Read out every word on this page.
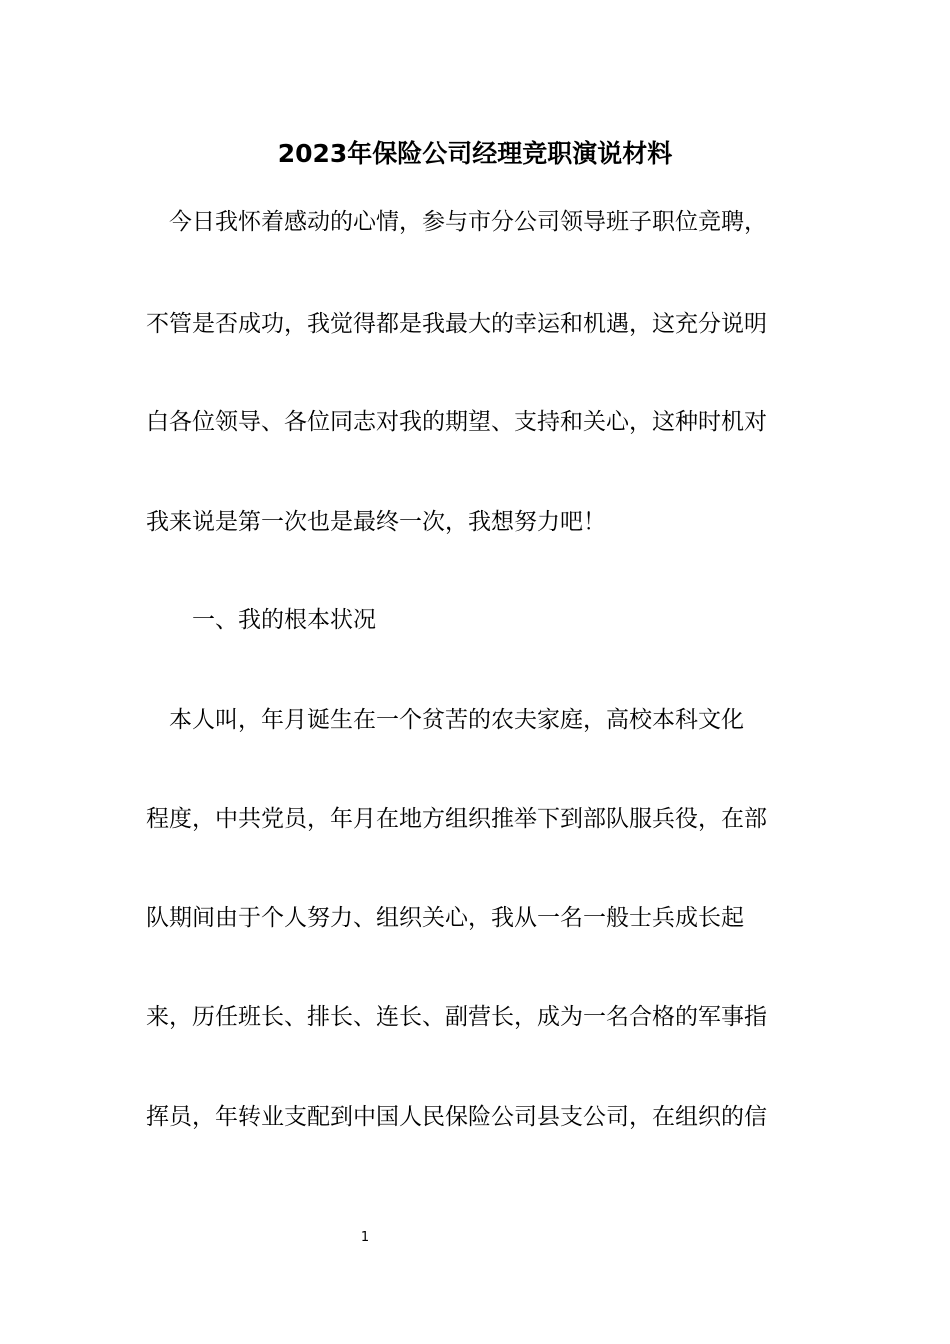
2023年保险公司经理竞职演说材料

　今日我怀着感动的心情，参与市分公司领导班子职位竞聘，

不管是否成功，我觉得都是我最大的幸运和机遇，这充分说明

白各位领导、各位同志对我的期望、支持和关心，这种时机对

我来说是第一次也是最终一次，我想努力吧！

　　一、我的根本状况

　本人叫，年月诞生在一个贫苦的农夫家庭，高校本科文化

程度，中共党员，年月在地方组织推举下到部队服兵役，在部

队期间由于个人努力、组织关心，我从一名一般士兵成长起

来，历任班长、排长、连长、副营长，成为一名合格的军事指

挥员，年转业支配到中国人民保险公司县支公司，在组织的信

1
